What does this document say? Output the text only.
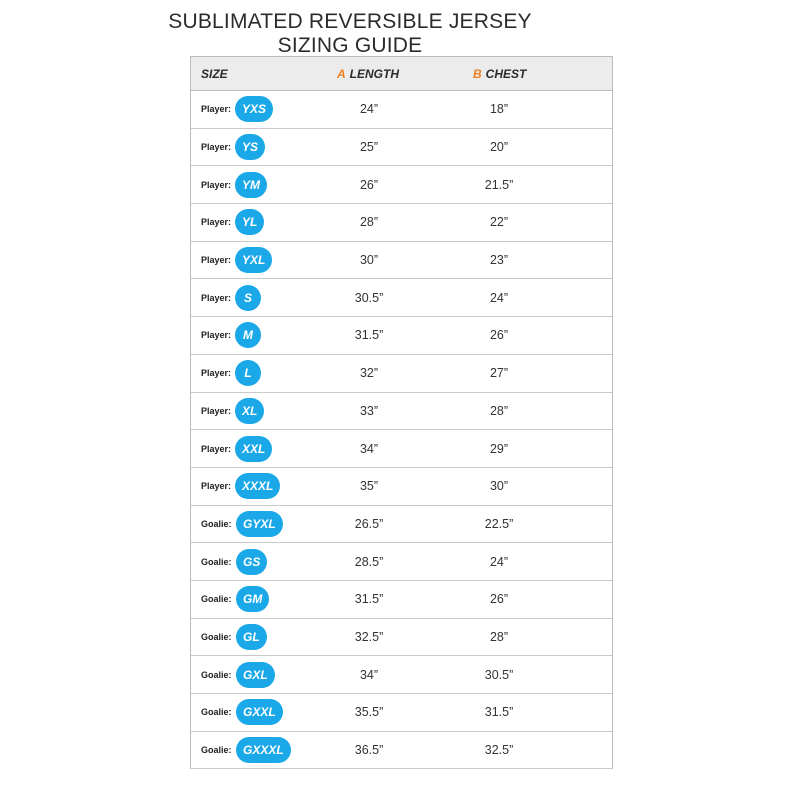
SUBLIMATED REVERSIBLE JERSEY
SIZING GUIDE
SIZE	A LENGTH	B CHEST
Player: YXS	24”	18”
Player: YS	25”	20”
Player: YM	26”	21.5”
Player: YL	28”	22”
Player: YXL	30”	23”
Player:	S	30.5”	24”
Player: M	31.5”	26”
Player:	L	32”	27”
Player: XL	33”	28”
Player: XXL	34”	29”
Player: XXXL	35”	30”
Goalie: GYXL	26.5”	22.5”
Goalie: GS	28.5”	24”
Goalie: GM	31.5”	26”
Goalie: GL	32.5”	28”
Goalie: GXL	34”	30.5”
Goalie: GXXL	35.5”	31.5”
Goalie: GXXXL	36.5”	32.5”
